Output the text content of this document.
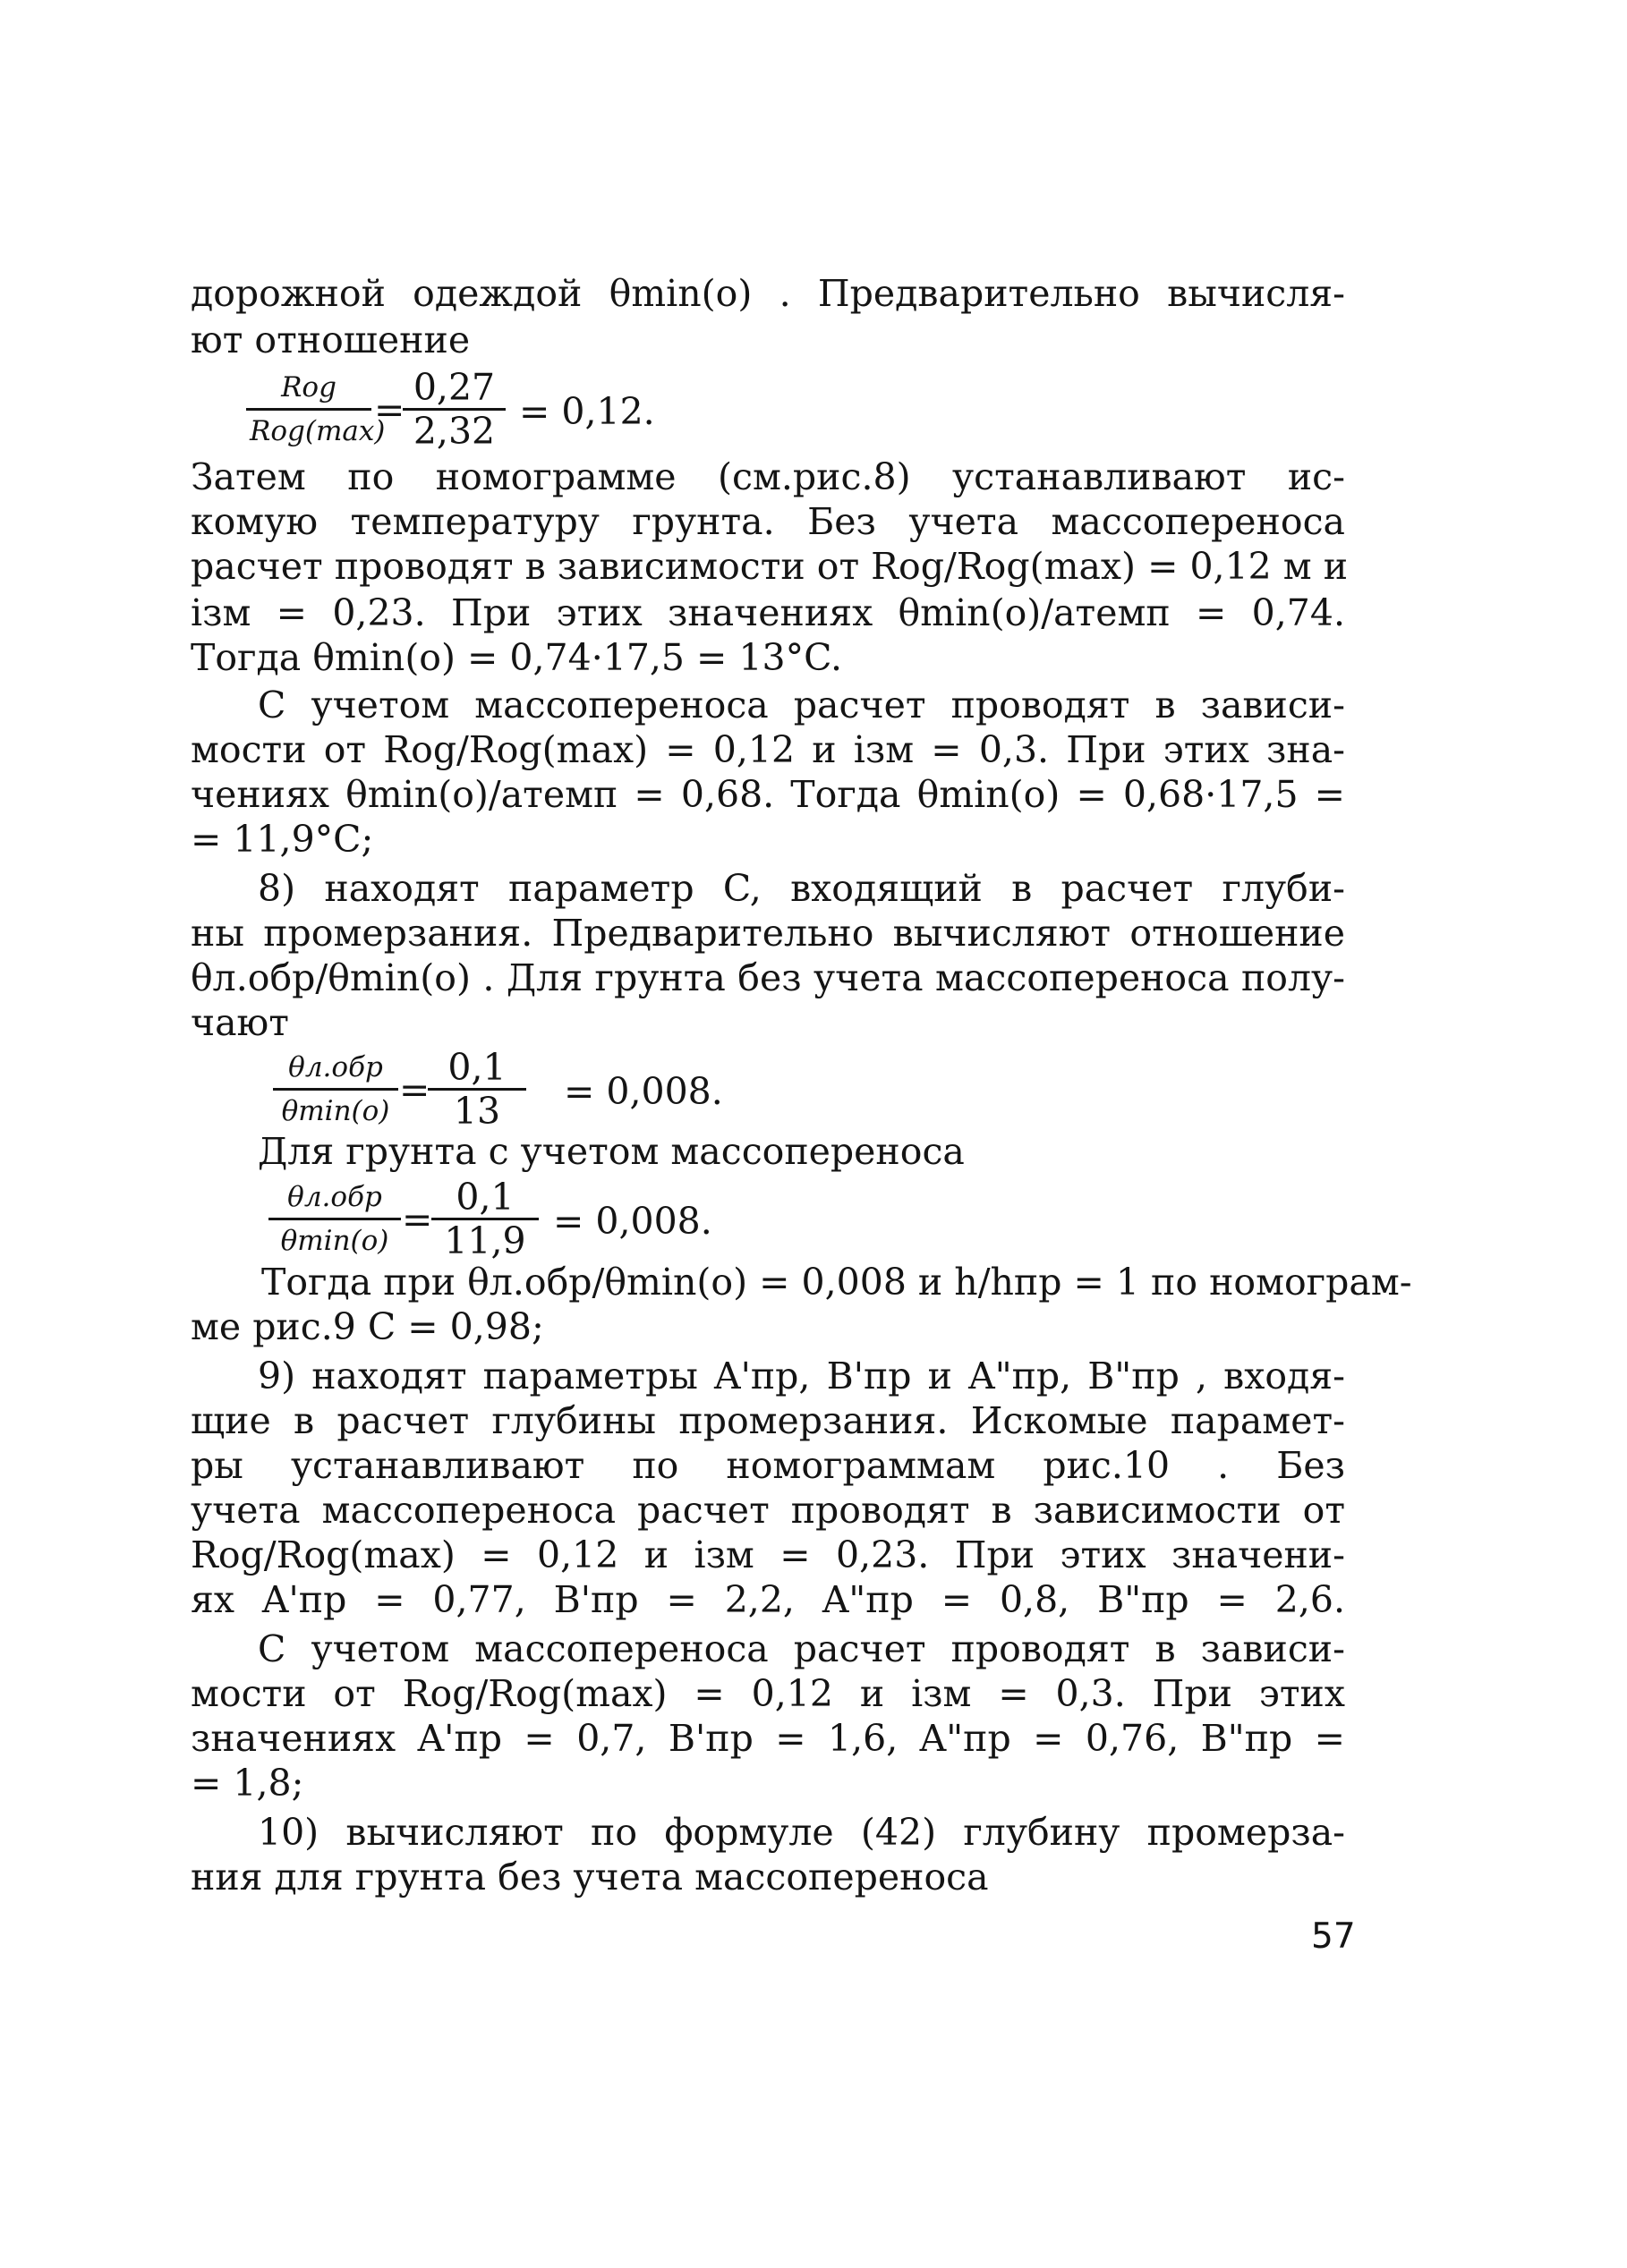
дорожной одеждой θmin(o) . Предварительно вычисля-
ют отношение
Rog
Rog(max)
=
$\frac{0,27}{2,32} = 0,12$.
Затем по номограмме (см.рис.8) устанавливают ис-
комую температуру грунта. Без учета массопереноса
расчет проводят в зависимости от Rog/Rog(max) = 0,12 м и
iзм = 0,23. При этих значениях θmin(o)/aтемп = 0,74.
Тогда θmin(o) = 0,74·17,5 = 13°C.
С учетом массопереноса расчет проводят в зависи-
мости от Rog/Rog(max) = 0,12 и iзм = 0,3. При этих зна-
чениях θmin(o)/aтемп = 0,68. Тогда θmin(o) = 0,68·17,5 =
= 11,9°C;
8) находят параметр C, входящий в расчет глуби-
ны промерзания. Предварительно вычисляют отношение
θл.обр/θmin(o) . Для грунта без учета массопереноса полу-
чают
θл.обр
θmin(o) =
$\frac{0,1}{13} = 0,008$.
Для грунта с учетом массопереноса
θл.обр
θmin(o) =
$\frac{0,1}{11,9} = 0,008$.
Тогда при θл.обр/θmin(o) = 0,008 и h/hпр = 1 по номограм-
ме рис.9 C = 0,98;
9) находят параметры A'пр, B'пр и A"пр, B"пр , входя-
щие в расчет глубины промерзания. Искомые парамет-
ры устанавливают по номограммам рис.10 . Без
учета массопереноса расчет проводят в зависимости от
Rog/Rog(max) = 0,12 и iзм = 0,23. При этих значени-
ях A'пр = 0,77, B'пр = 2,2, A"пр = 0,8, B"пр = 2,6.
С учетом массопереноса расчет проводят в зависи-
мости от Rog/Rog(max) = 0,12 и iзм = 0,3. При этих
значениях A'пр = 0,7, B'пр = 1,6, A"пр = 0,76, B"пр =
= 1,8;
10) вычисляют по формуле (42) глубину промерза-
ния для грунта без учета массопереноса
57
